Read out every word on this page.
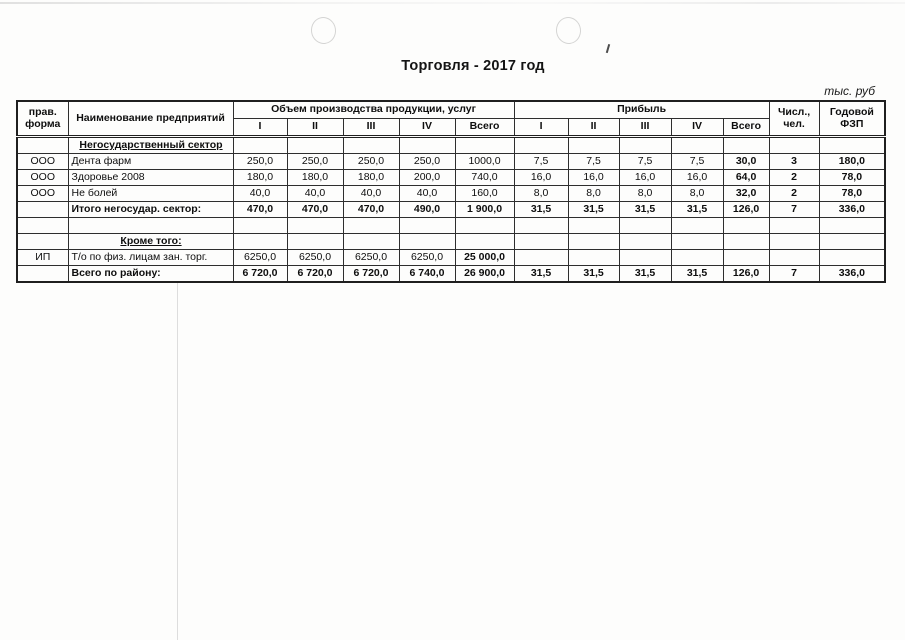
Торговля - 2017 год
тыс. руб
прав. форма	Наименование предприятий	Объем производства продукции, услуг					Прибыль					Числ., чел.	Годовой ФЗП
		I	II	III	IV	Всего	I	II	III	IV	Всего		
	Негосударственный сектор												
ООО	Дента фарм	250,0	250,0	250,0	250,0	1000,0	7,5	7,5	7,5	7,5	30,0	3	180,0
ООО	Здоровье 2008	180,0	180,0	180,0	200,0	740,0	16,0	16,0	16,0	16,0	64,0	2	78,0
ООО	Не болей	40,0	40,0	40,0	40,0	160,0	8,0	8,0	8,0	8,0	32,0	2	78,0
	Итого негосудар. сектор:	470,0	470,0	470,0	490,0	1 900,0	31,5	31,5	31,5	31,5	126,0	7	336,0

	Кроме того:												
ИП	Т/о по физ. лицам зан. торг.	6250,0	6250,0	6250,0	6250,0	25 000,0							
	Всего по району:	6 720,0	6 720,0	6 720,0	6 740,0	26 900,0	31,5	31,5	31,5	31,5	126,0	7	336,0
